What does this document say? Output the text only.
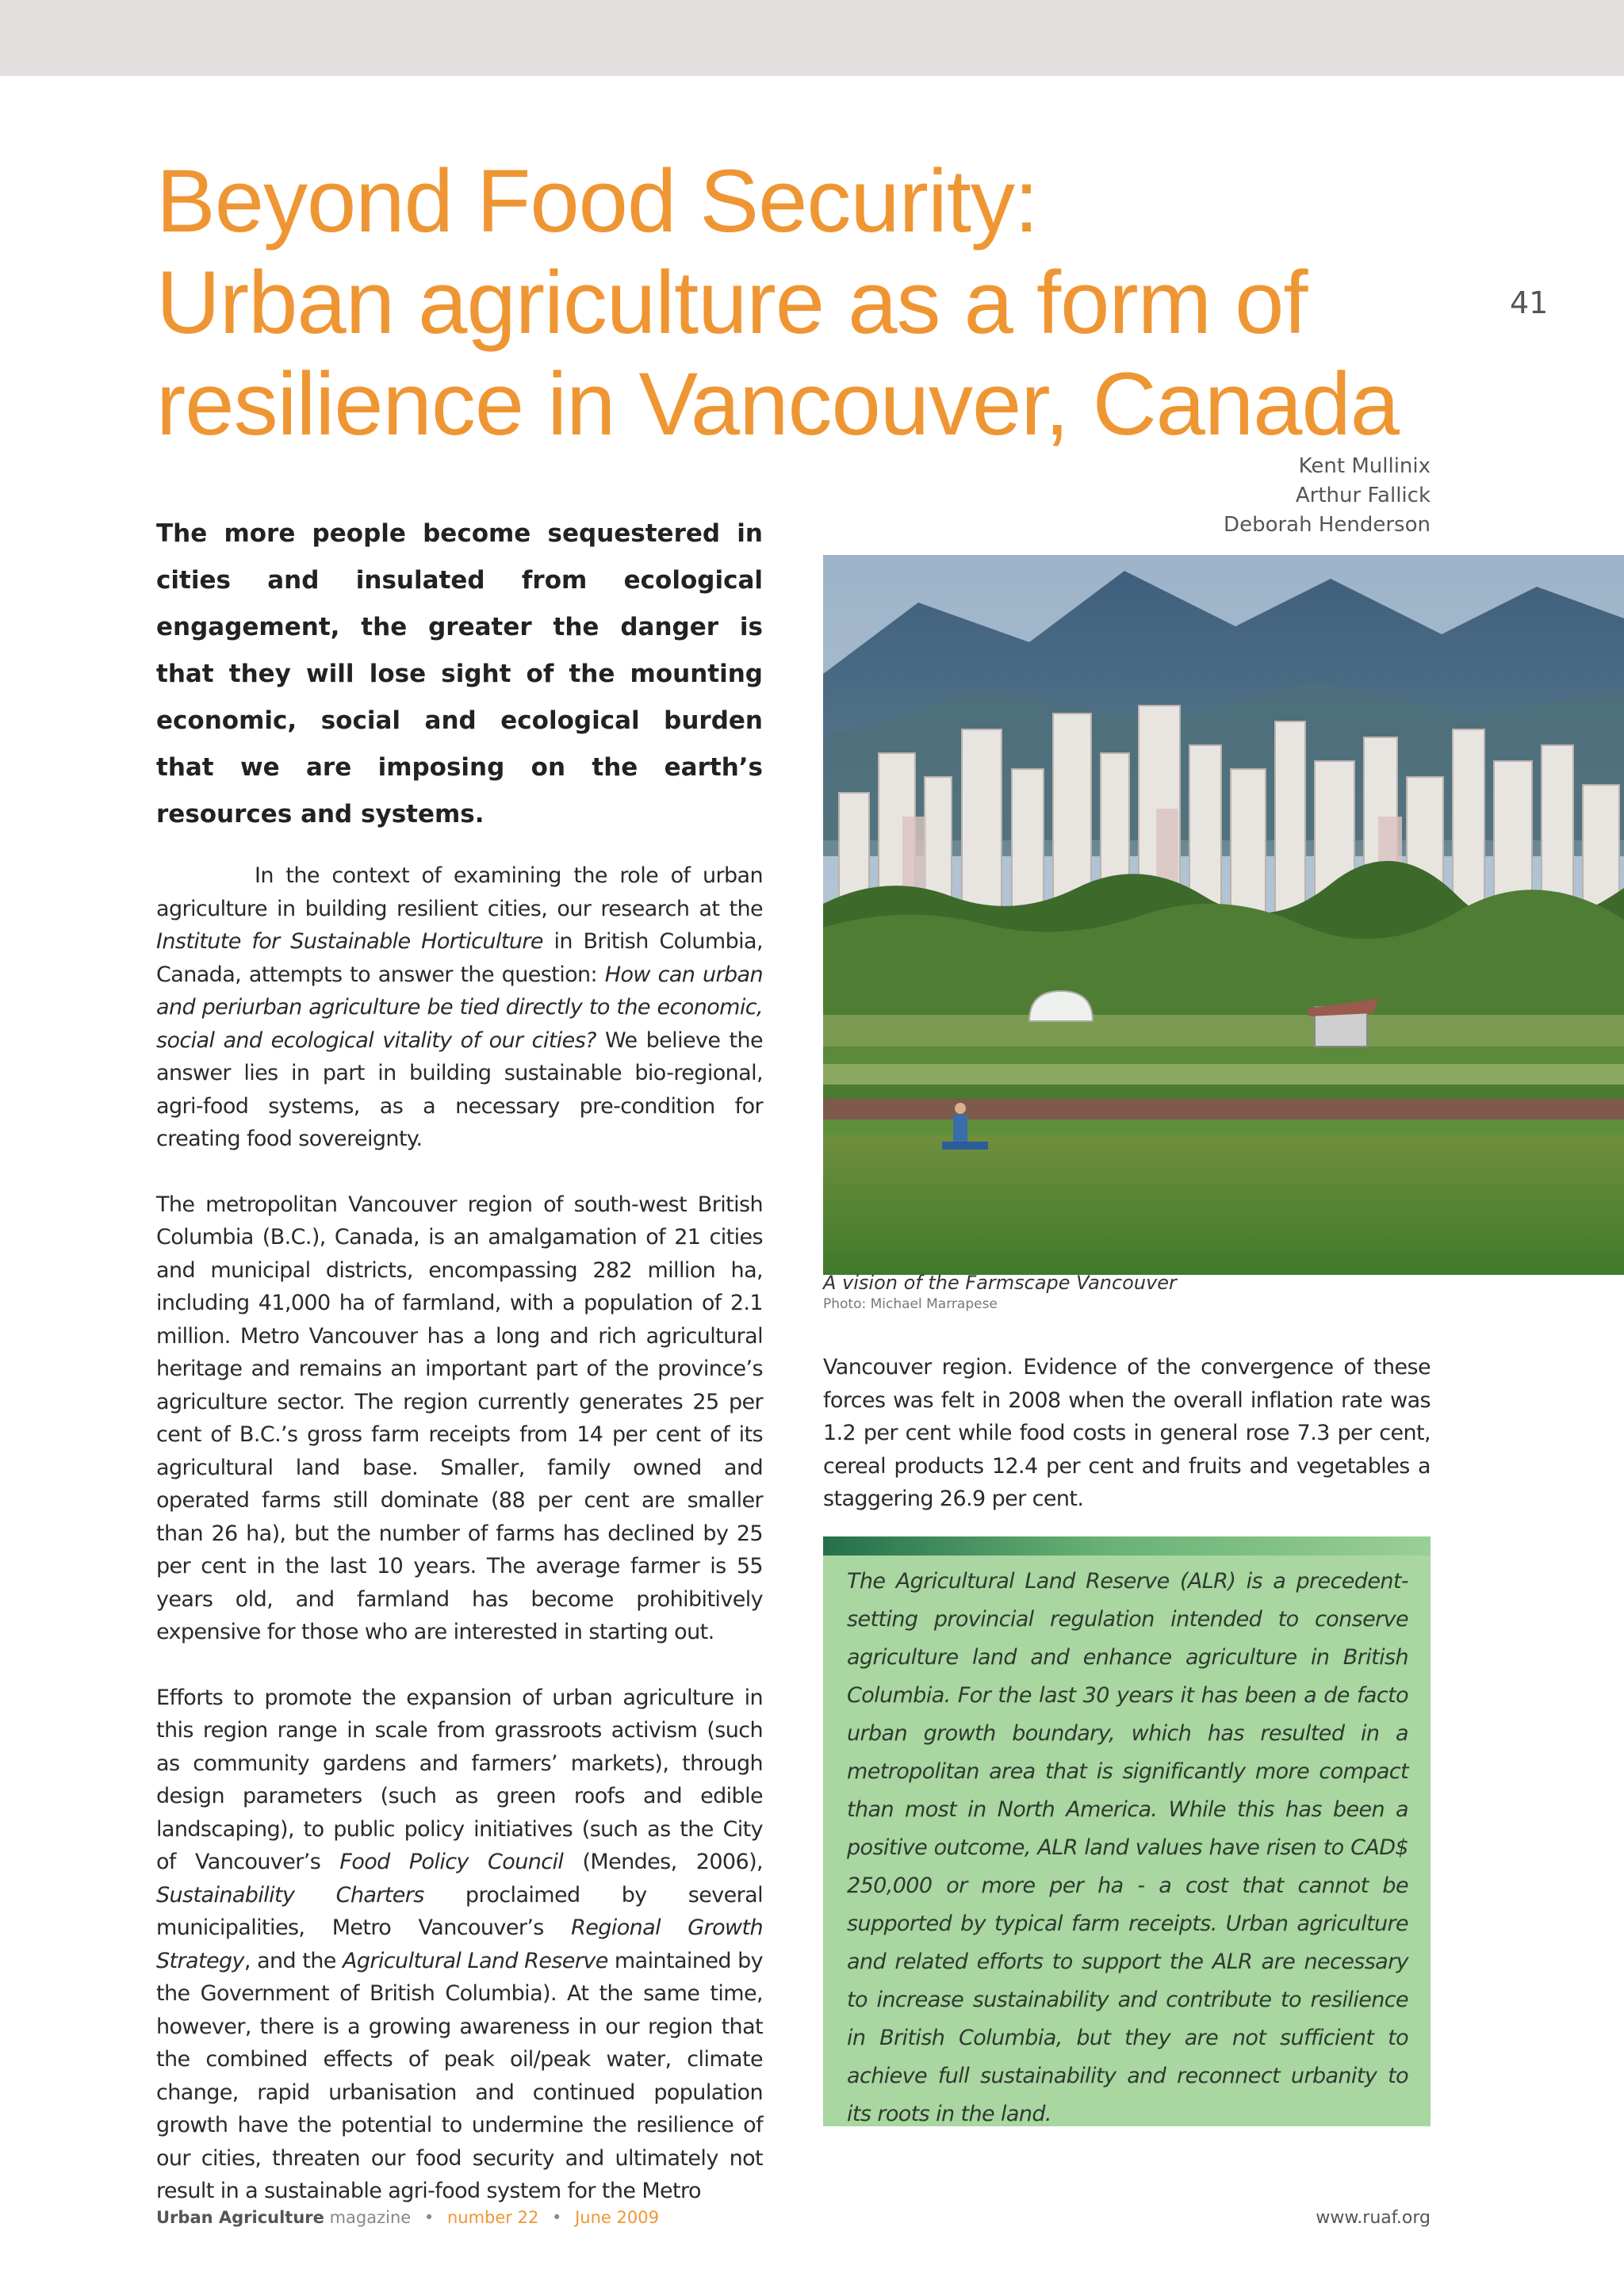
Beyond Food Security:
Urban agriculture as a form of
resilience in Vancouver, Canada
41
Kent Mullinix
Arthur Fallick
Deborah Henderson
The more people become sequestered in cities and insulated from ecological engagement, the greater the danger is that they will lose sight of the mounting economic, social and ecological burden that we are imposing on the earth’s resources and systems.

In the context of examining the role of urban agriculture in building resilient cities, our research at the Institute for Sustainable Horticulture in British Columbia, Canada, attempts to answer the question: How can urban and periurban agriculture be tied directly to the economic, social and ecological vitality of our cities? We believe the answer lies in part in building sustainable bio-regional, agri-food systems, as a necessary pre-condition for creating food sovereignty.

The metropolitan Vancouver region of south-west British Columbia (B.C.), Canada, is an amalgamation of 21 cities and municipal districts, encompassing 282 million ha, including 41,000 ha of farmland, with a population of 2.1 million. Metro Vancouver has a long and rich agricultural heritage and remains an important part of the province’s agriculture sector. The region currently generates 25 per cent of B.C.’s gross farm receipts from 14 per cent of its agricultural land base. Smaller, family owned and operated farms still dominate (88 per cent are smaller than 26 ha), but the number of farms has declined by 25 per cent in the last 10 years. The average farmer is 55 years old, and farmland has become prohibitively expensive for those who are interested in starting out.

Efforts to promote the expansion of urban agriculture in this region range in scale from grassroots activism (such as community gardens and farmers’ markets), through design parameters (such as green roofs and edible landscaping), to public policy initiatives (such as the City of Vancouver’s Food Policy Council (Mendes, 2006), Sustainability Charters proclaimed by several municipalities, Metro Vancouver’s Regional Growth Strategy, and the Agricultural Land Reserve maintained by the Government of British Columbia). At the same time, however, there is a growing awareness in our region that the combined effects of peak oil/peak water, climate change, rapid urbanisation and continued population growth have the potential to undermine the resilience of our cities, threaten our food security and ultimately not result in a sustainable agri-food system for the Metro

A vision of the Farmscape Vancouver
Photo: Michael Marrapese

Vancouver region. Evidence of the convergence of these forces was felt in 2008 when the overall inflation rate was 1.2 per cent while food costs in general rose 7.3 per cent, cereal products 12.4 per cent and fruits and vegetables a staggering 26.9 per cent.

The Agricultural Land Reserve (ALR) is a precedent-setting provincial regulation intended to conserve agriculture land and enhance agriculture in British Columbia. For the last 30 years it has been a de facto urban growth boundary, which has resulted in a metropolitan area that is significantly more compact than most in North America. While this has been a positive outcome, ALR land values have risen to CAD$ 250,000 or more per ha - a cost that cannot be supported by typical farm receipts. Urban agriculture and related efforts to support the ALR are necessary to increase sustainability and contribute to resilience in British Columbia, but they are not sufficient to achieve full sustainability and reconnect urbanity to its roots in the land.

Urban Agriculture magazine • number 22 • June 2009	www.ruaf.org
